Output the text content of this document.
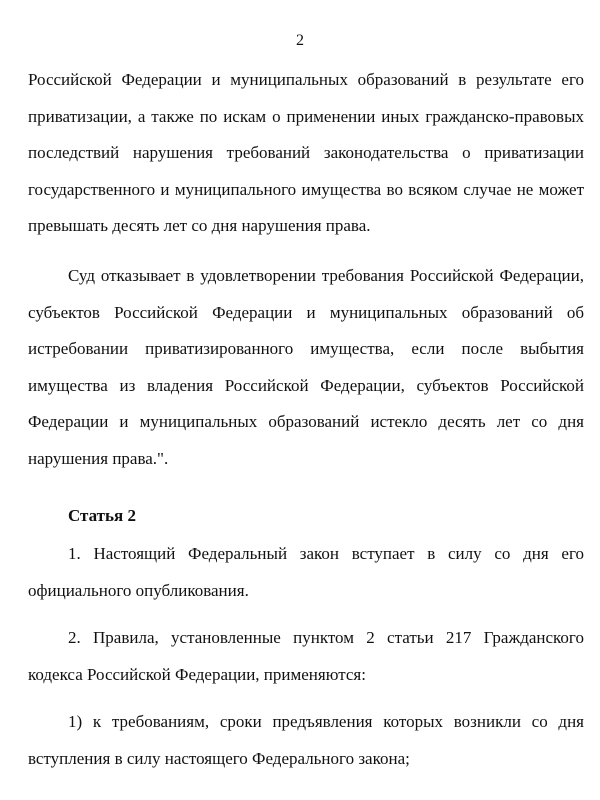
2

Российской Федерации и муниципальных образований в результате его приватизации, а также по искам о применении иных гражданско-правовых последствий нарушения требований законодательства о приватизации государственного и муниципального имущества во всяком случае не может превышать десять лет со дня нарушения права.

Суд отказывает в удовлетворении требования Российской Федерации, субъектов Российской Федерации и муниципальных образований об истребовании приватизированного имущества, если после выбытия имущества из владения Российской Федерации, субъектов Российской Федерации и муниципальных образований истекло десять лет со дня нарушения права.".

Статья 2

1. Настоящий Федеральный закон вступает в силу со дня его официального опубликования.

2. Правила, установленные пунктом 2 статьи 217 Гражданского кодекса Российской Федерации, применяются:

1) к требованиям, сроки предъявления которых возникли со дня вступления в силу настоящего Федерального закона;
